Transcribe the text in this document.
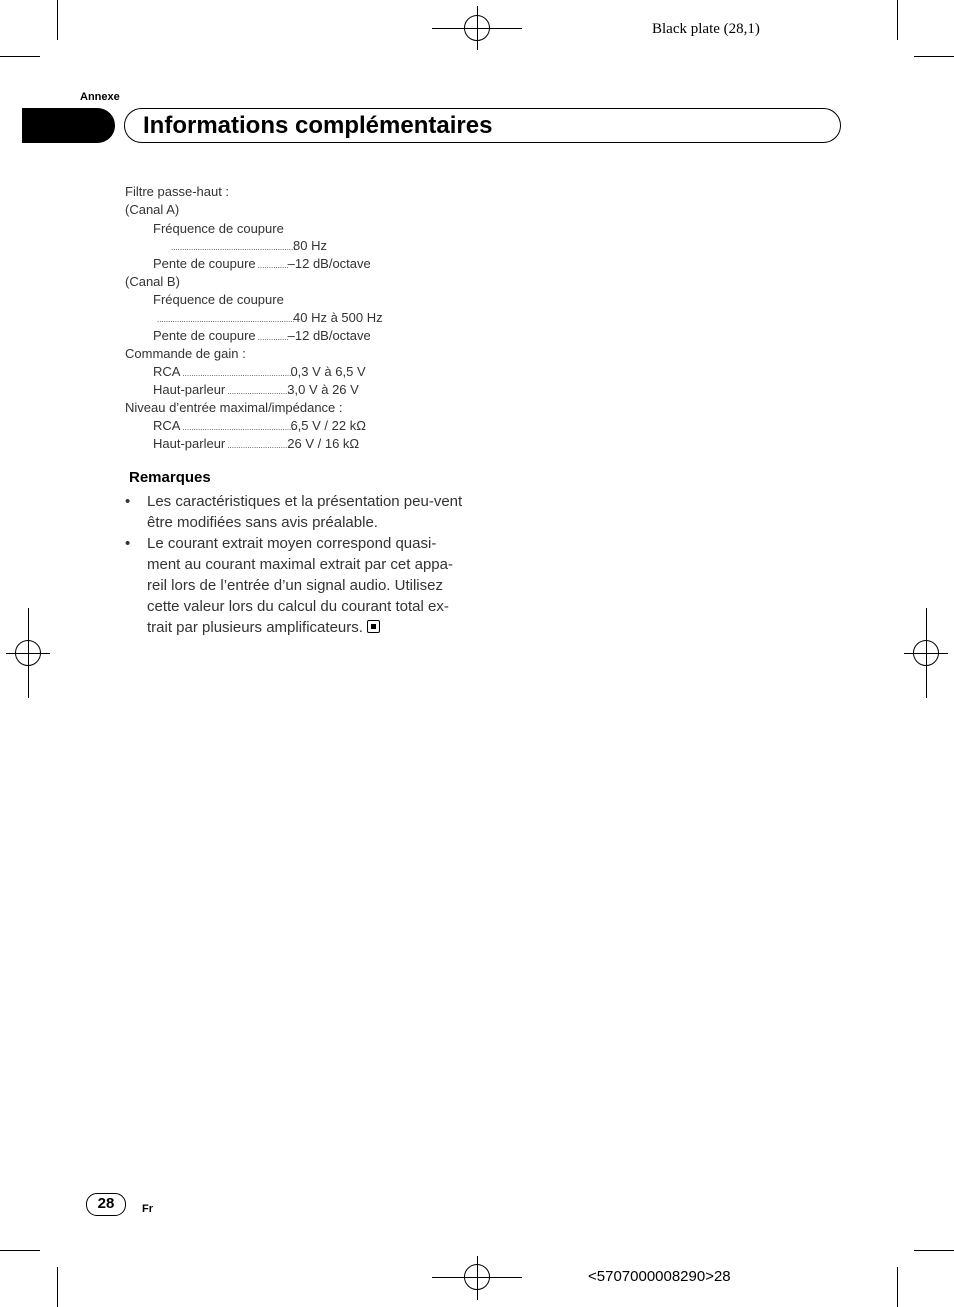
Black plate (28,1)
Annexe
Informations complémentaires
Filtre passe-haut :
(Canal A)
Fréquence de coupure
........................................................
80 Hz
Pente de coupure ..............
–12 dB/octave
(Canal B)
Fréquence de coupure
..............................................................
40 Hz à 500 Hz
Pente de coupure ..............
–12 dB/octave
Commande de gain :
RCA ..................................................
0,3 V à 6,5 V
Haut-parleur ............................
3,0 V à 26 V
Niveau d’entrée maximal/impédance :
RCA ..................................................
6,5 V / 22 kΩ
Haut-parleur ............................
26 V / 16 kΩ
Remarques
• Les caractéristiques et la présentation peu-vent être modifiées sans avis préalable.
• Le courant extrait moyen correspond quasi-ment au courant maximal extrait par cet appa-reil lors de l’entrée d’un signal audio. Utilisez cette valeur lors du calcul du courant total ex-trait par plusieurs amplificateurs.
28	Fr
<5707000008290>28
